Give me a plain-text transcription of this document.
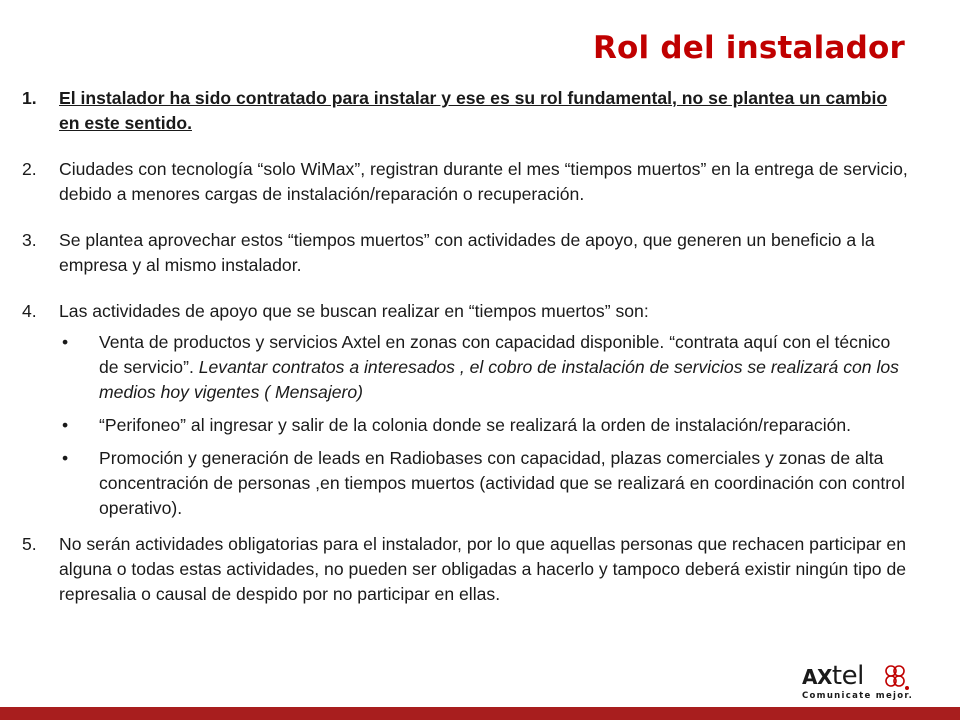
Rol del instalador
1. El instalador ha sido contratado para instalar y ese es su rol fundamental, no se plantea un cambio en este sentido.
2. Ciudades con tecnología “solo WiMax”, registran durante el mes “tiempos muertos” en la entrega de servicio, debido a menores cargas de instalación/reparación o recuperación.
3. Se plantea aprovechar estos “tiempos muertos” con actividades de apoyo, que generen un beneficio a la empresa y al mismo instalador.
4. Las actividades de apoyo que se buscan realizar en “tiempos muertos” son:
• Venta de productos y servicios Axtel en zonas con capacidad disponible. “contrata aquí con el técnico de servicio”. Levantar contratos a interesados , el cobro de instalación de servicios se realizará con los medios hoy vigentes ( Mensajero)
• “Perifoneo” al ingresar y salir de la colonia donde se realizará la orden de instalación/reparación.
• Promoción y generación de leads en Radiobases con capacidad, plazas comerciales y zonas de alta concentración de personas ,en tiempos muertos (actividad que se realizará en coordinación con control operativo).
5. No serán actividades obligatorias para el instalador, por lo que aquellas personas que rechacen participar en alguna o todas estas actividades, no pueden ser obligadas a hacerlo y tampoco deberá existir ningún tipo de represalia o causal de despido por no participar en ellas.
AXtel
Comunicate mejor.
